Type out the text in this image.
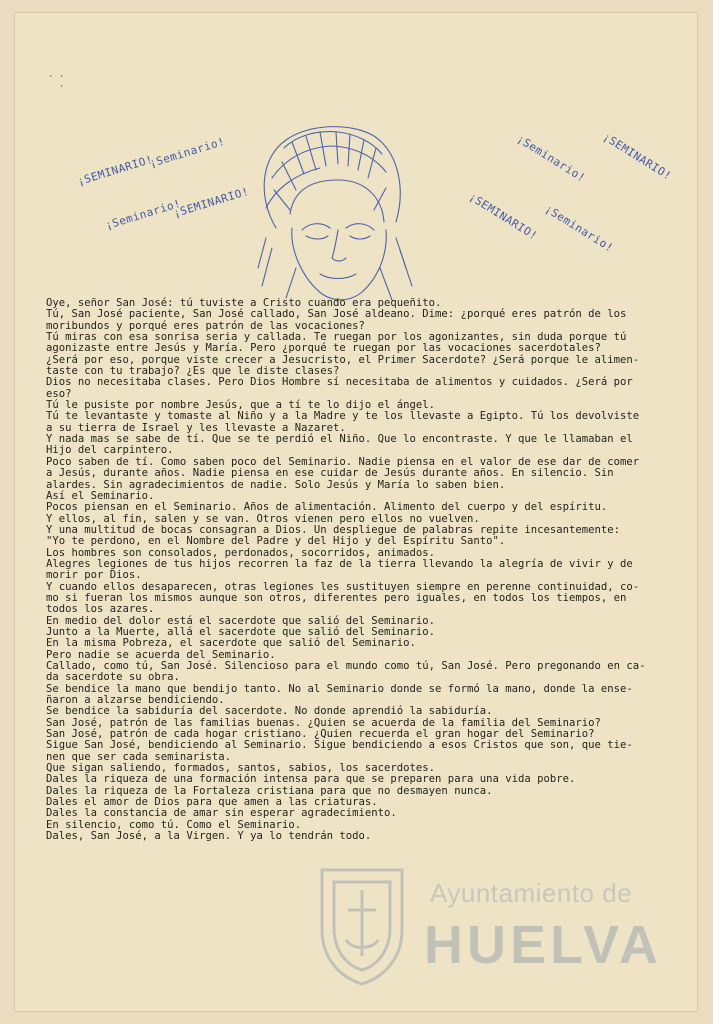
· ·
·
¡SEMINARIO!
¡Seminario!
¡Seminario!
¡SEMINARIO!
¡Seminario! ¡SEMINARIO!
¡SEMINARIO! ¡Seminario!
Oye, señor San José: tú tuviste a Cristo cuando era pequeñito.
Tú, San José paciente, San José callado, San José aldeano. Dime: ¿porqué eres patrón de los
moribundos y porqué eres patrón de las vocaciones?
Tú miras con esa sonrisa seria y callada. Te ruegan por los agonizantes, sin duda porque tú
agonizaste entre Jesús y María. Pero ¿porqué te ruegan por las vocaciones sacerdotales?
¿Será por eso, porque viste crecer a Jesucristo, el Primer Sacerdote? ¿Será porque le alimen-
taste con tu trabajo? ¿Es que le diste clases?
Dios no necesitaba clases. Pero Dios Hombre sí necesitaba de alimentos y cuidados. ¿Será por
eso?
Tú le pusiste por nombre Jesús, que a tí te lo dijo el ángel.
Tú te levantaste y tomaste al Niño y a la Madre y te los llevaste a Egipto. Tú los devolviste
a su tierra de Israel y les llevaste a Nazaret.
Y nada mas se sabe de tí. Que se te perdió el Niño. Que lo encontraste. Y que le llamaban el
Hijo del carpintero.
Poco saben de tí. Como saben poco del Seminario. Nadie piensa en el valor de ese dar de comer
a Jesús, durante años. Nadie piensa en ese cuidar de Jesús durante años. En silencio. Sin
alardes. Sin agradecimientos de nadie. Solo Jesús y María lo saben bien.
Así el Seminario.
Pocos piensan en el Seminario. Años de alimentación. Alimento del cuerpo y del espíritu.
Y ellos, al fin, salen y se van. Otros vienen pero ellos no vuelven.
Y una multitud de bocas consagran a Dios. Un despliegue de palabras repite incesantemente:
"Yo te perdono, en el Nombre del Padre y del Hijo y del Espíritu Santo".
Los hombres son consolados, perdonados, socorridos, animados.
Alegres legiones de tus hijos recorren la faz de la tierra llevando la alegría de vivir y de
morir por Dios.
Y cuando ellos desaparecen, otras legiones les sustituyen siempre en perenne continuidad, co-
mo si fueran los mismos aunque son otros, diferentes pero iguales, en todos los tiempos, en
todos los azares.
En medio del dolor está el sacerdote que salió del Seminario.
Junto a la Muerte, allá el sacerdote que salió del Seminario.
En la misma Pobreza, el sacerdote que salió del Seminario.
Pero nadie se acuerda del Seminario.
Callado, como tú, San José. Silencioso para el mundo como tú, San José. Pero pregonando en ca-
da sacerdote su obra.
Se bendice la mano que bendijo tanto. No al Seminario donde se formó la mano, donde la ense-
ñaron a alzarse bendiciendo.
Se bendice la sabiduría del sacerdote. No donde aprendió la sabiduría.
San José, patrón de las familias buenas. ¿Quien se acuerda de la familia del Seminario?
San José, patrón de cada hogar cristiano. ¿Quien recuerda el gran hogar del Seminario?
Sigue San José, bendiciendo al Seminario. Sigue bendiciendo a esos Cristos que son, que tie-
nen que ser cada seminarista.
Que sigan saliendo, formados, santos, sabios, los sacerdotes.
Dales la riqueza de una formación intensa para que se preparen para una vida pobre.
Dales la riqueza de la Fortaleza cristiana para que no desmayen nunca.
Dales el amor de Dios para que amen a las criaturas.
Dales la constancia de amar sin esperar agradecimiento.
En silencio, como tú. Como el Seminario.
Dales, San José, a la Virgen. Y ya lo tendrán todo.
Ayuntamiento de
HUELVA
